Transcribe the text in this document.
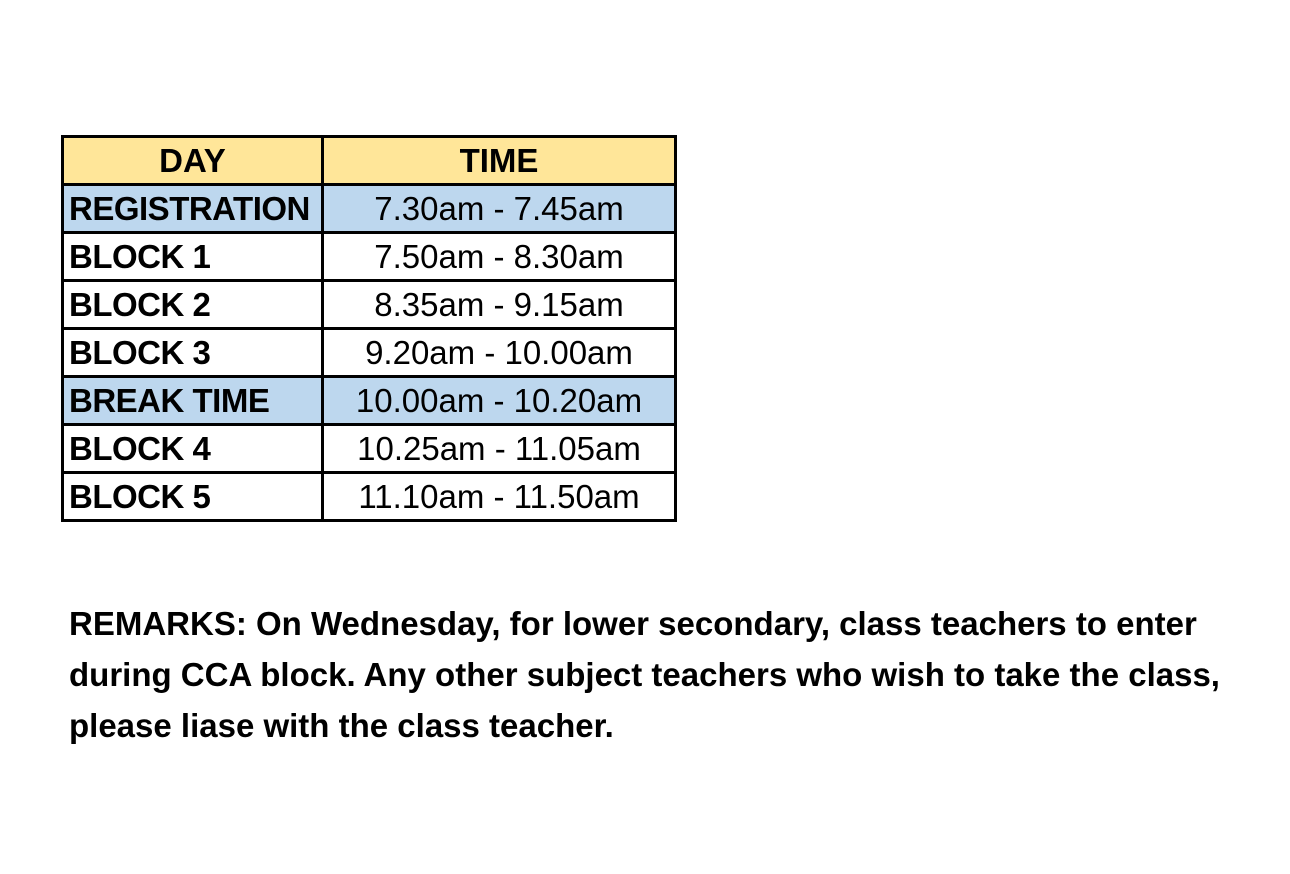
DAY	TIME
REGISTRATION	7.30am - 7.45am
BLOCK 1	7.50am - 8.30am
BLOCK 2	8.35am - 9.15am
BLOCK 3	9.20am - 10.00am
BREAK TIME	10.00am - 10.20am
BLOCK 4	10.25am - 11.05am
BLOCK 5	11.10am - 11.50am

REMARKS: On Wednesday, for lower secondary, class teachers to enter during CCA block. Any other subject teachers who wish to take the class, please liase with the class teacher.
